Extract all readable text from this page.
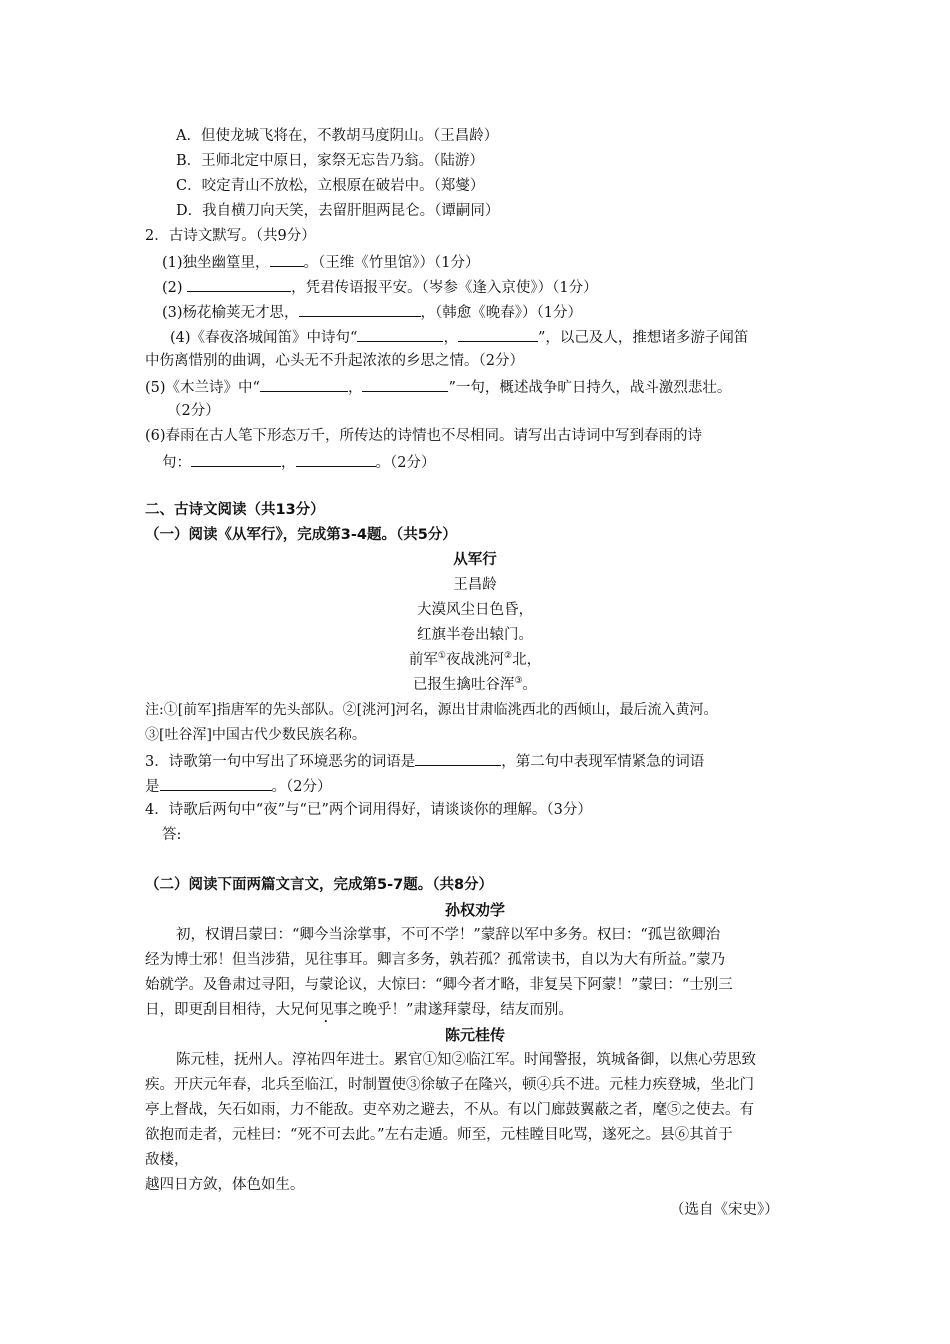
A．但使龙城飞将在，不教胡马度阴山。（王昌龄）
B．王师北定中原日，家祭无忘告乃翁。（陆游）
C．咬定青山不放松，立根原在破岩中。（郑燮）
D．我自横刀向天笑，去留肝胆两昆仑。（谭嗣同）
2．古诗文默写。（共9分）
(1)独坐幽篁里， 。（王维《竹里馆》）（1分）
(2)	，凭君传语报平安。（岑参《逢入京使》）（1分）
(3)杨花榆荚无才思，	，（韩愈《晚春》）（1分）
(4)《春夜洛城闻笛》中诗句“	，	”，以己及人，推想诸多游子闻笛
中伤离惜别的曲调，心头无不升起浓浓的乡思之情。（2分）
(5)《木兰诗》中“	，	”一句，概述战争旷日持久，战斗激烈悲壮。
（2分）
(6)春雨在古人笔下形态万千，所传达的诗情也不尽相同。请写出古诗词中写到春雨的诗
句：	，	。（2分）
二、古诗文阅读（共13分）
（一）阅读《从军行》，完成第3-4题。（共5分）
从军行
王昌龄
大漠风尘日色昏，
红旗半卷出辕门。
前军①夜战洮河②北，
已报生擒吐谷浑③。
注:①[前军]指唐军的先头部队。②[洮河]河名，源出甘肃临洮西北的西倾山，最后流入黄河。
③[吐谷浑]中国古代少数民族名称。
3．诗歌第一句中写出了环境恶劣的词语是	，第二句中表现军情紧急的词语
是	。（2分）
4．诗歌后两句中“夜”与“已”两个词用得好，请谈谈你的理解。（3分）
答:
（二）阅读下面两篇文言文，完成第5-7题。（共8分）
孙权劝学
初，权谓吕蒙曰：“卿今当涂掌事，不可不学！”蒙辞以军中多务。权曰：“孤岂欲卿治
经为博士邪！但当涉猎，见往事耳。卿言多务，孰若孤？孤常读书，自以为大有所益。”蒙乃
始就学。及鲁肃过寻阳，与蒙论议，大惊曰：“卿今者才略，非复吴下阿蒙！”蒙曰：“士别三
日，即更刮目相待，大兄何见事之晚乎！”肃遂拜蒙母，结友而别。
陈元桂传
陈元桂，抚州人。淳祐四年进士。累官①知②临江军。时闻警报，筑城备御，以焦心劳思致
疾。开庆元年春，北兵至临江，时制置使③徐敏子在隆兴，顿④兵不进。元桂力疾登城，坐北门
亭上督战，矢石如雨，力不能敌。吏卒劝之避去，不从。有以门廊鼓翼蔽之者，麾⑤之使去。有
欲抱而走者，元桂曰：“死不可去此。”左右走遁。师至，元桂瞠目叱骂，遂死之。县⑥其首于
敌楼，
越四日方敛，体色如生。
（选自《宋史》）
